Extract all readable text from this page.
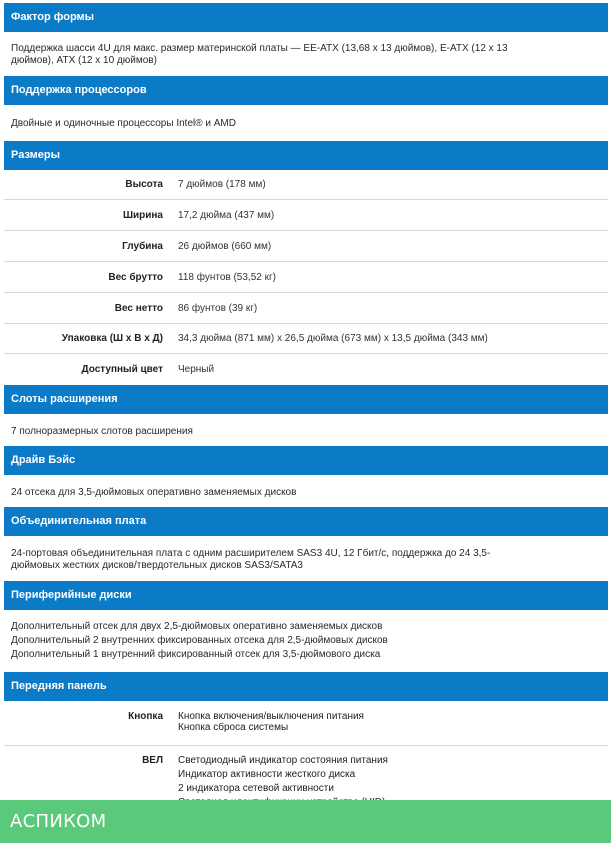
Фактор формы
Поддержка шасси 4U для макс. размер материнской платы — EE-ATX (13,68 x 13 дюймов), E-ATX (12 x 13
дюймов), ATX (12 x 10 дюймов)
Поддержка процессоров
Двойные и одиночные процессоры Intel® и AMD
Размеры
Высота	7 дюймов (178 мм)
Ширина	17,2 дюйма (437 мм)
Глубина	26 дюймов (660 мм)
Вес брутто	118 фунтов (53,52 кг)
Вес нетто	86 фунтов (39 кг)
Упаковка (Ш х В х Д)	34,3 дюйма (871 мм) x 26,5 дюйма (673 мм) x 13,5 дюйма (343 мм)
Доступный цвет	Черный
Слоты расширения
7 полноразмерных слотов расширения
Драйв Бэйс
24 отсека для 3,5-дюймовых оперативно заменяемых дисков
Объединительная плата
24-портовая объединительная плата с одним расширителем SAS3 4U, 12 Гбит/с, поддержка до 24 3,5-
дюймовых жестких дисков/твердотельных дисков SAS3/SATA3
Периферийные диски
Дополнительный отсек для двух 2,5-дюймовых оперативно заменяемых дисков
Дополнительный 2 внутренних фиксированных отсека для 2,5-дюймовых дисков
Дополнительный 1 внутренний фиксированный отсек для 3,5-дюймового диска
Передняя панель
Кнопка	Кнопка включения/выключения питания
Кнопка сброса системы
ВЕЛ	Светодиодный индикатор состояния питания
Индикатор активности жесткого диска
2 индикатора сетевой активности
АСПИКОМ
